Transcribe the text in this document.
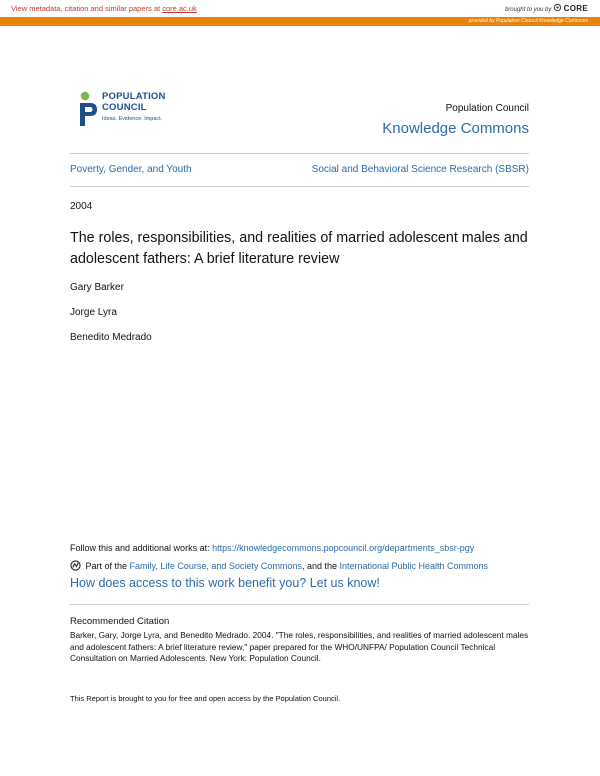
View metadata, citation and similar papers at core.ac.uk	brought to you by CORE
provided by Population Council Knowledge Commons
POPULATION
COUNCIL
Ideas. Evidence. Impact.
Population Council
Knowledge Commons
Poverty, Gender, and Youth	Social and Behavioral Science Research (SBSR)
2004
The roles, responsibilities, and realities of married adolescent males and adolescent fathers: A brief literature review
Gary Barker
Jorge Lyra
Benedito Medrado
Follow this and additional works at: https://knowledgecommons.popcouncil.org/departments_sbsr-pgy
Part of the Family, Life Course, and Society Commons, and the International Public Health Commons
How does access to this work benefit you? Let us know!
Recommended Citation
Barker, Gary, Jorge Lyra, and Benedito Medrado. 2004. "The roles, responsibilities, and realities of married adolescent males and adolescent fathers: A brief literature review," paper prepared for the WHO/UNFPA/ Population Council Technical Consultation on Married Adolescents. New York: Population Council.
This Report is brought to you for free and open access by the Population Council.
